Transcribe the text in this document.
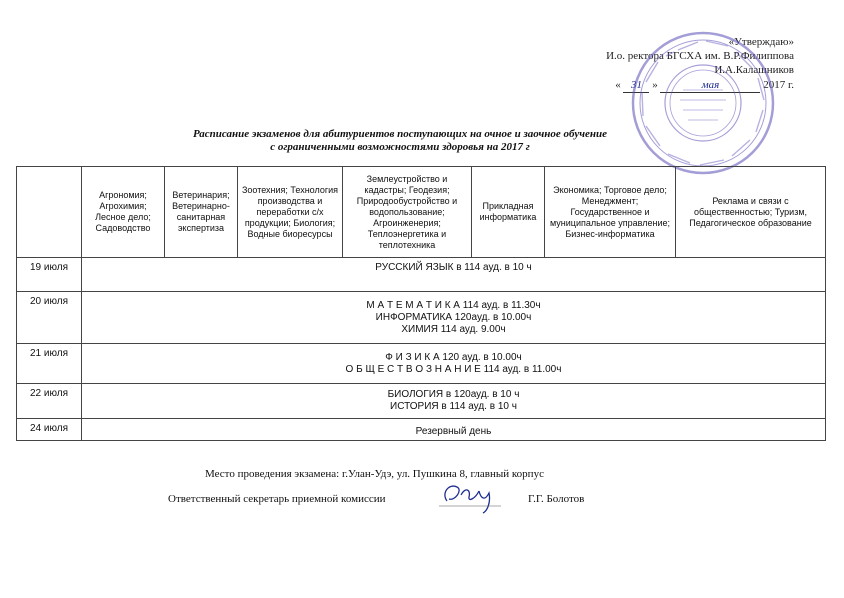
«Утверждаю»
И.о. ректора БГСХА им. В.Р.Филиппова
И.А.Калашников
« 31 »	мая	2017 г.
Расписание экзаменов для абитуриентов поступающих на очное и заочное обучение
с ограниченными возможностями здоровья на 2017 г
	Агрономия; Агрохимия; Лесное дело; Садоводство	Ветеринария; Ветеринарно-санитарная экспертиза	Зоотехния; Технология производства и переработки с/х продукции; Биология; Водные биоресурсы	Землеустройство и кадастры; Геодезия; Природообустройство и водопользование; Агроинженерия; Теплоэнергетика и теплотехника	Прикладная информатика	Экономика; Торговое дело; Менеджмент; Государственное и муниципальное управление; Бизнес-информатика	Реклама и связи с общественностью; Туризм, Педагогическое образование
19 июля	РУССКИЙ ЯЗЫК в 114 ауд. в 10 ч						

20 июля	М А Т Е М А Т И К А 114 ауд. в 11.30ч
ИНФОРМАТИКА 120ауд. в 10.00ч
ХИМИЯ 114 ауд. 9.00ч						

21 июля	Ф И З И К А 120 ауд. в 10.00ч
О Б Щ Е С Т В О З Н А Н И Е 114 ауд. в 11.00ч						

22 июля	БИОЛОГИЯ в 120ауд. в 10 ч
ИСТОРИЯ в 114 ауд. в 10 ч						

24 июля	Резервный день						
Место проведения экзамена: г.Улан-Удэ, ул. Пушкина 8, главный корпус
Ответственный секретарь приемной комиссии	Г.Г. Болотов
